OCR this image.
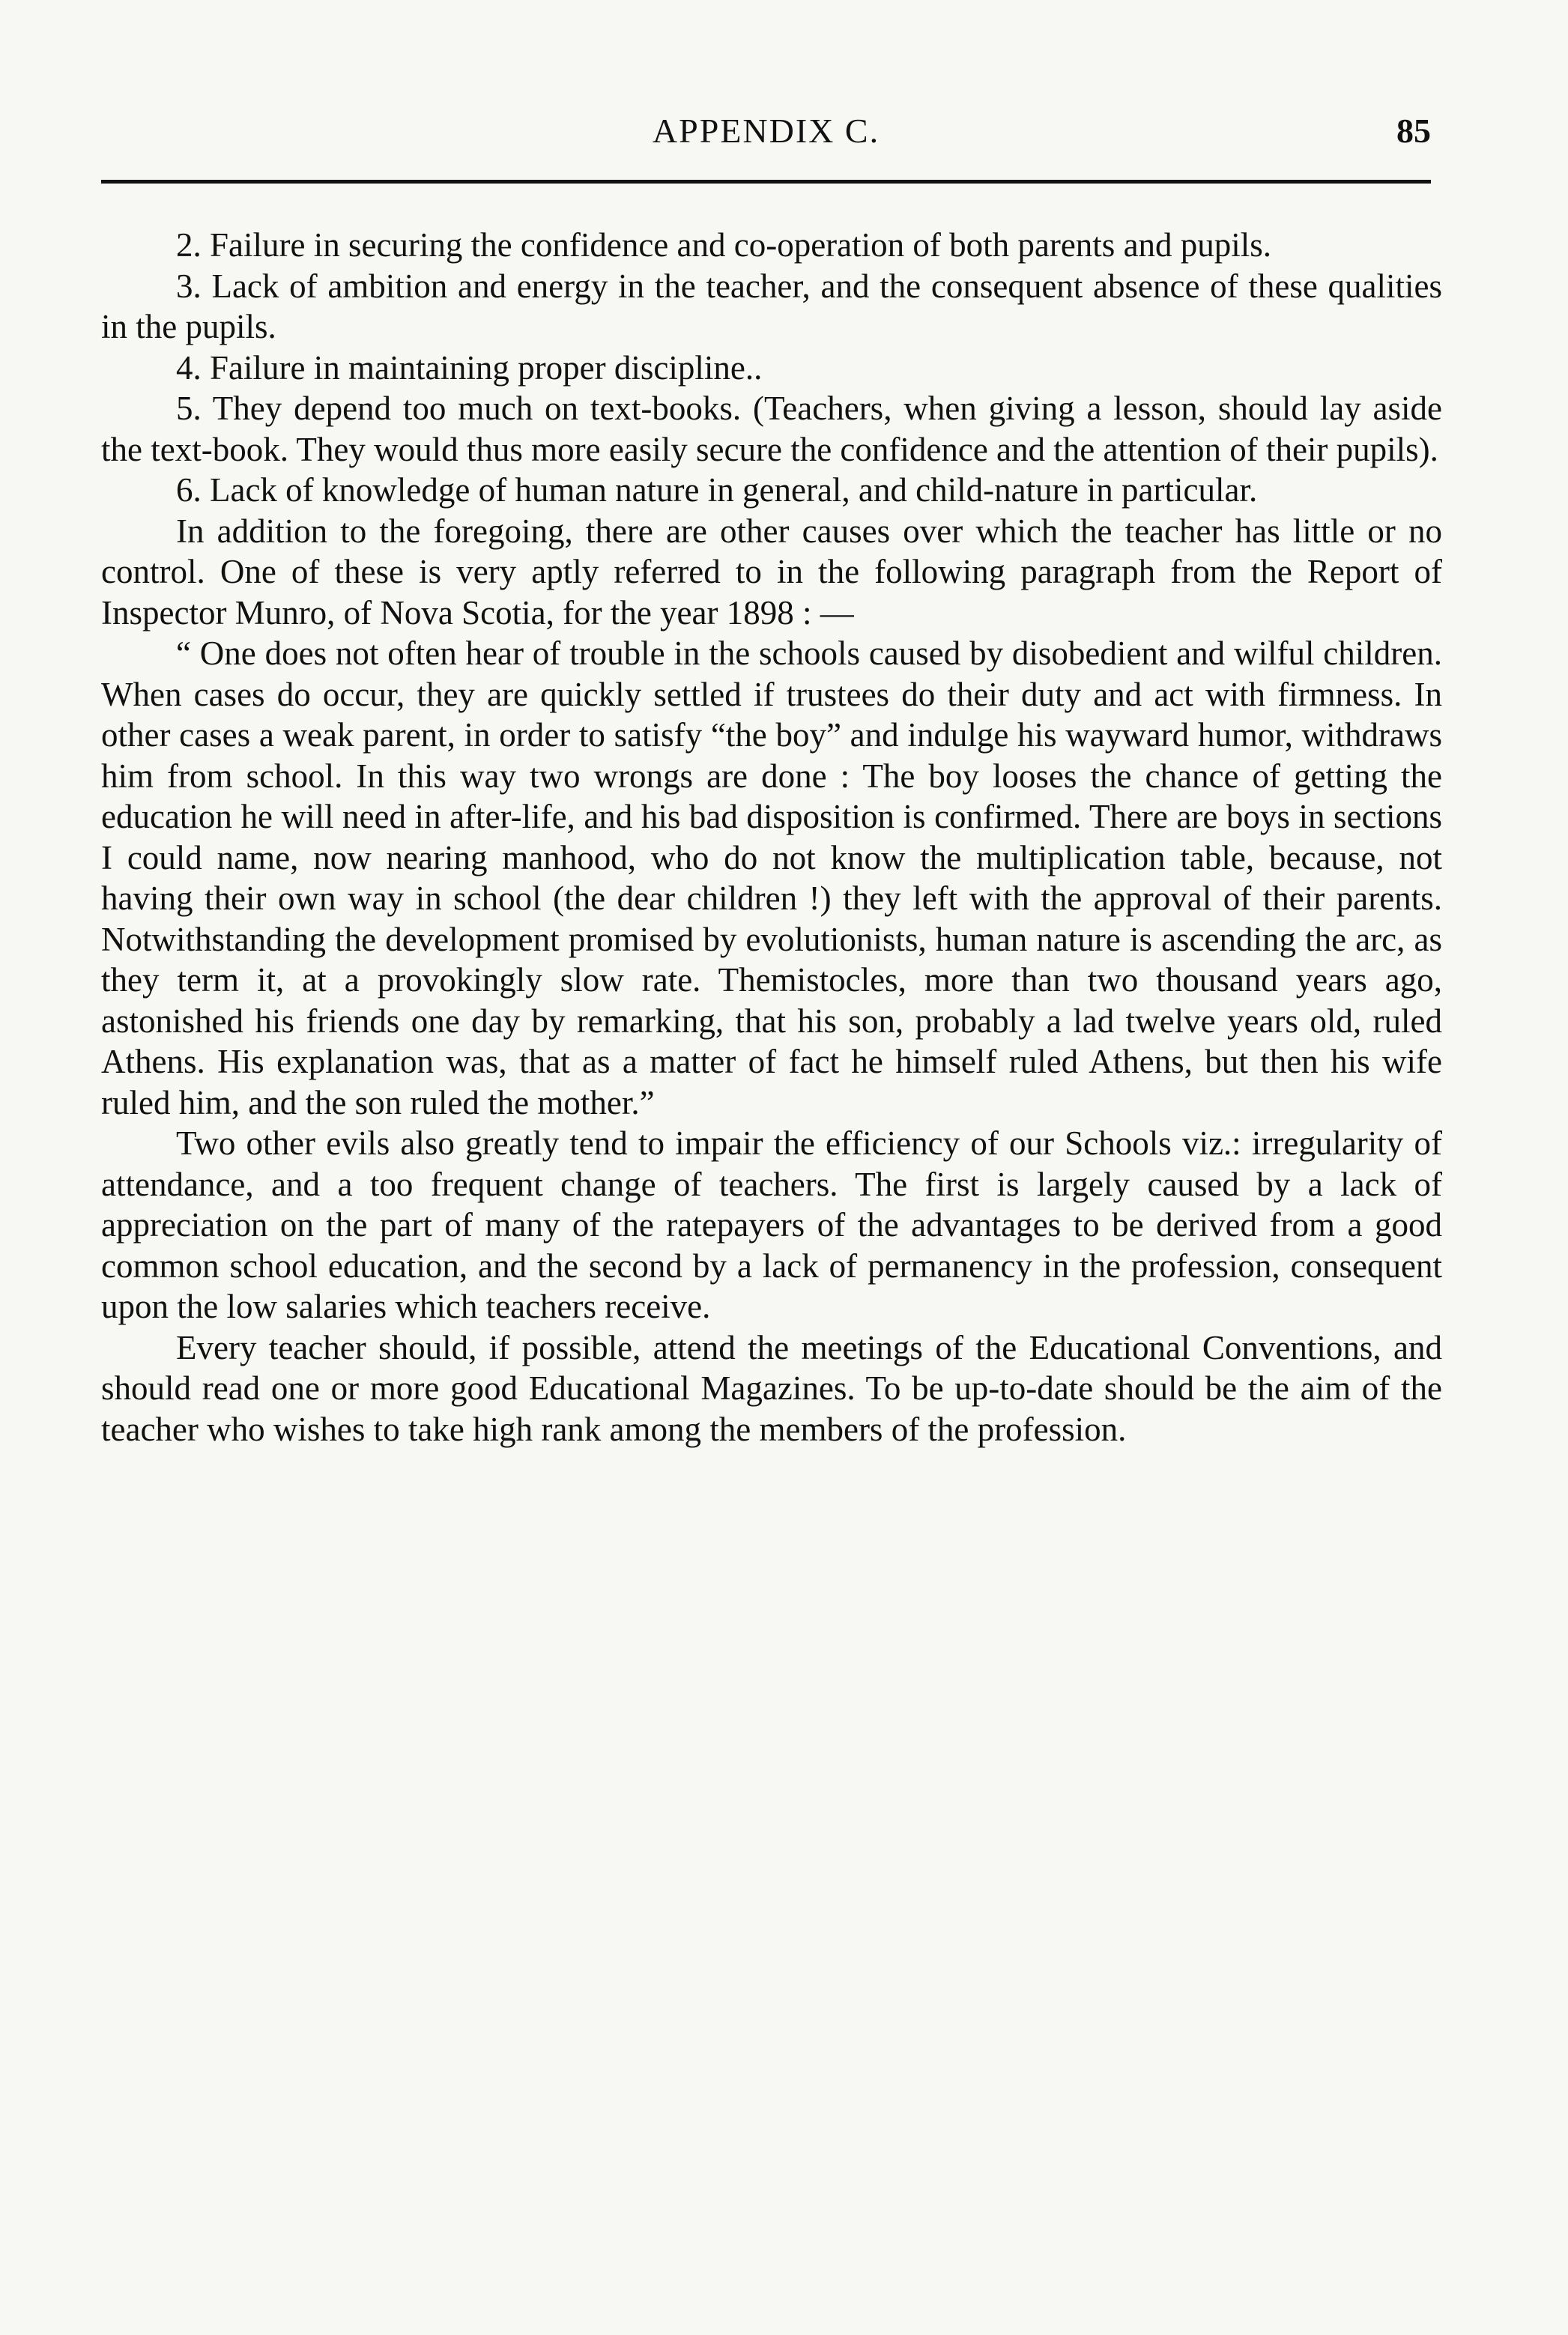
APPENDIX C.	85

2. Failure in securing the confidence and co-operation of both parents and pupils.

3. Lack of ambition and energy in the teacher, and the consequent absence of these qualities in the pupils.

4. Failure in maintaining proper discipline..

5. They depend too much on text-books. (Teachers, when giving a lesson, should lay aside the text-book. They would thus more easily secure the confidence and the attention of their pupils).

6. Lack of knowledge of human nature in general, and child-nature in particular.

In addition to the foregoing, there are other causes over which the teacher has little or no control. One of these is very aptly referred to in the following paragraph from the Report of Inspector Munro, of Nova Scotia, for the year 1898 : —

“ One does not often hear of trouble in the schools caused by disobedient and wilful children. When cases do occur, they are quickly settled if trustees do their duty and act with firmness. In other cases a weak parent, in order to satisfy “the boy” and indulge his wayward humor, withdraws him from school. In this way two wrongs are done : The boy looses the chance of getting the education he will need in after-life, and his bad disposition is confirmed. There are boys in sections I could name, now nearing manhood, who do not know the multiplication table, because, not having their own way in school (the dear children !) they left with the approval of their parents. Notwithstanding the development promised by evolutionists, human nature is ascending the arc, as they term it, at a provokingly slow rate. Themistocles, more than two thousand years ago, astonished his friends one day by remarking, that his son, probably a lad twelve years old, ruled Athens. His explanation was, that as a matter of fact he himself ruled Athens, but then his wife ruled him, and the son ruled the mother.”

Two other evils also greatly tend to impair the efficiency of our Schools viz.: irregularity of attendance, and a too frequent change of teachers. The first is largely caused by a lack of appreciation on the part of many of the ratepayers of the advantages to be derived from a good common school education, and the second by a lack of permanency in the profession, consequent upon the low salaries which teachers receive.

Every teacher should, if possible, attend the meetings of the Educational Conventions, and should read one or more good Educational Magazines. To be up-to-date should be the aim of the teacher who wishes to take high rank among the members of the profession.
